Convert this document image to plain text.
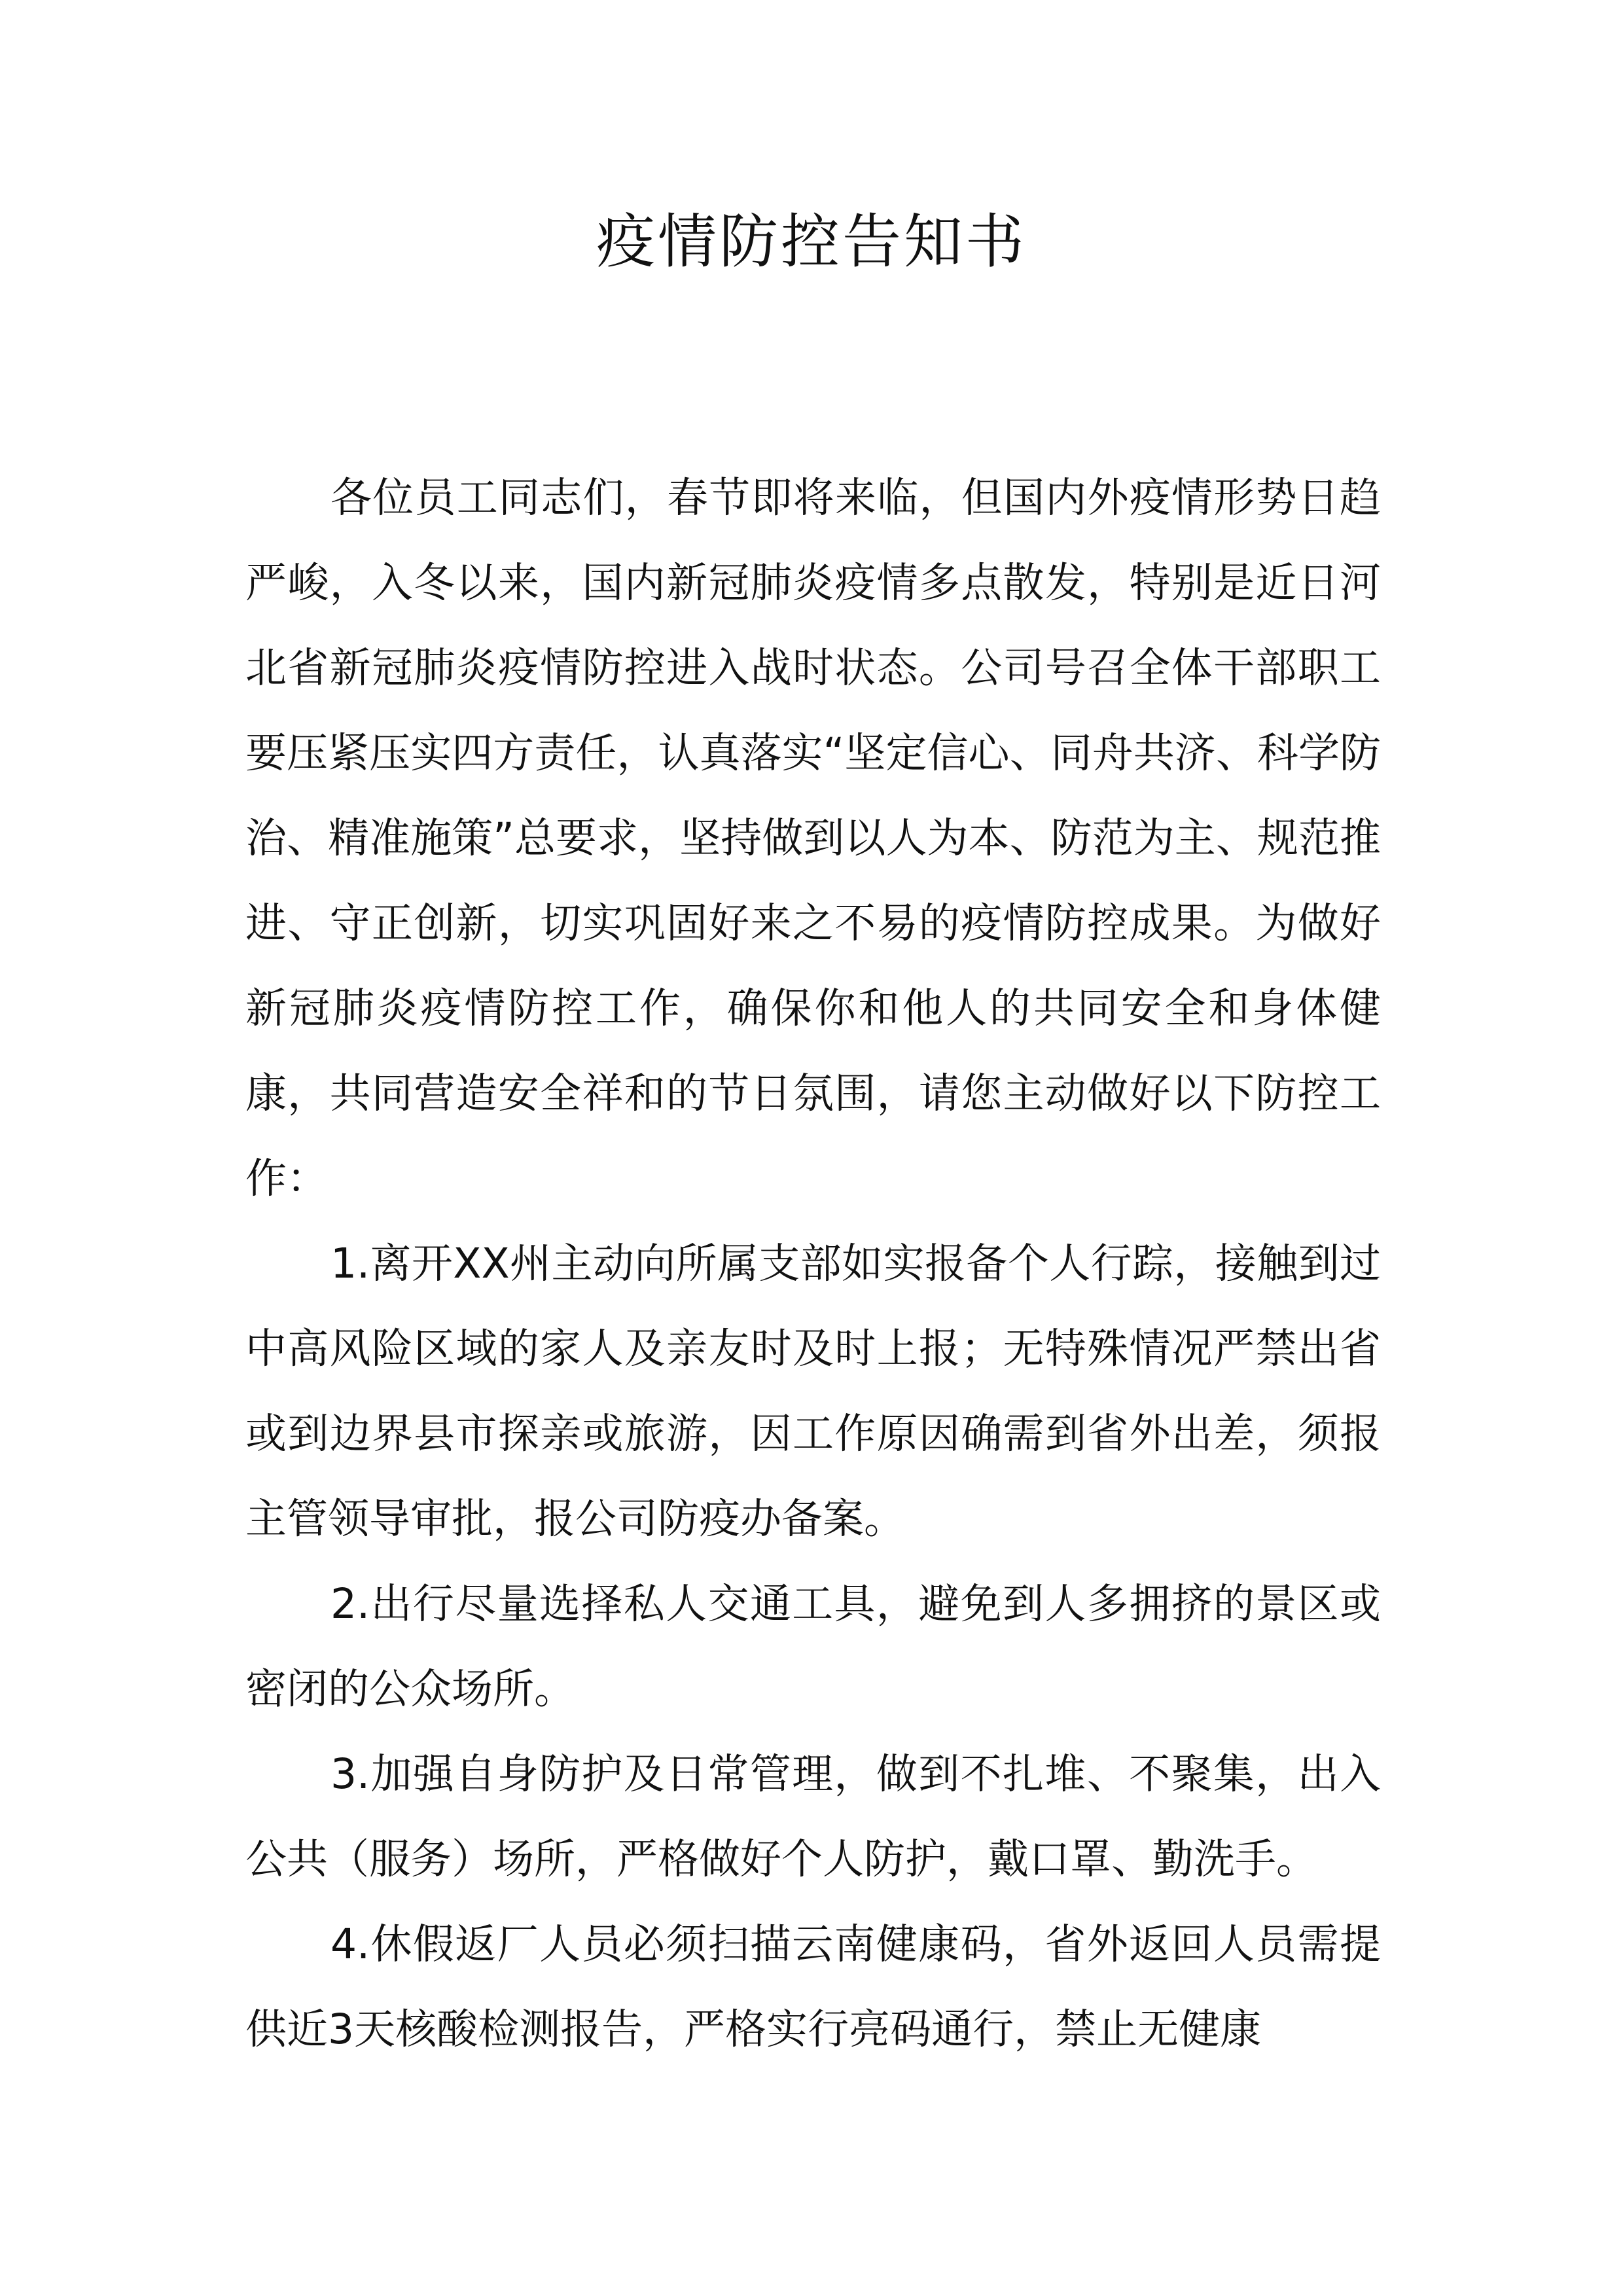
疫情防控告知书

各位员工同志们，春节即将来临，但国内外疫情形势日趋严峻，入冬以来，国内新冠肺炎疫情多点散发，特别是近日河北省新冠肺炎疫情防控进入战时状态。公司号召全体干部职工要压紧压实四方责任，认真落实“坚定信心、同舟共济、科学防治、精准施策”总要求，坚持做到以人为本、防范为主、规范推进、守正创新，切实巩固好来之不易的疫情防控成果。为做好新冠肺炎疫情防控工作，确保你和他人的共同安全和身体健康，共同营造安全祥和的节日氛围，请您主动做好以下防控工作：

1.离开XX州主动向所属支部如实报备个人行踪，接触到过中高风险区域的家人及亲友时及时上报；无特殊情况严禁出省或到边界县市探亲或旅游，因工作原因确需到省外出差，须报主管领导审批，报公司防疫办备案。

2.出行尽量选择私人交通工具，避免到人多拥挤的景区或密闭的公众场所。

3.加强自身防护及日常管理，做到不扎堆、不聚集，出入公共（服务）场所，严格做好个人防护，戴口罩、勤洗手。

4.休假返厂人员必须扫描云南健康码，省外返回人员需提供近3天核酸检测报告，严格实行亮码通行，禁止无健康
